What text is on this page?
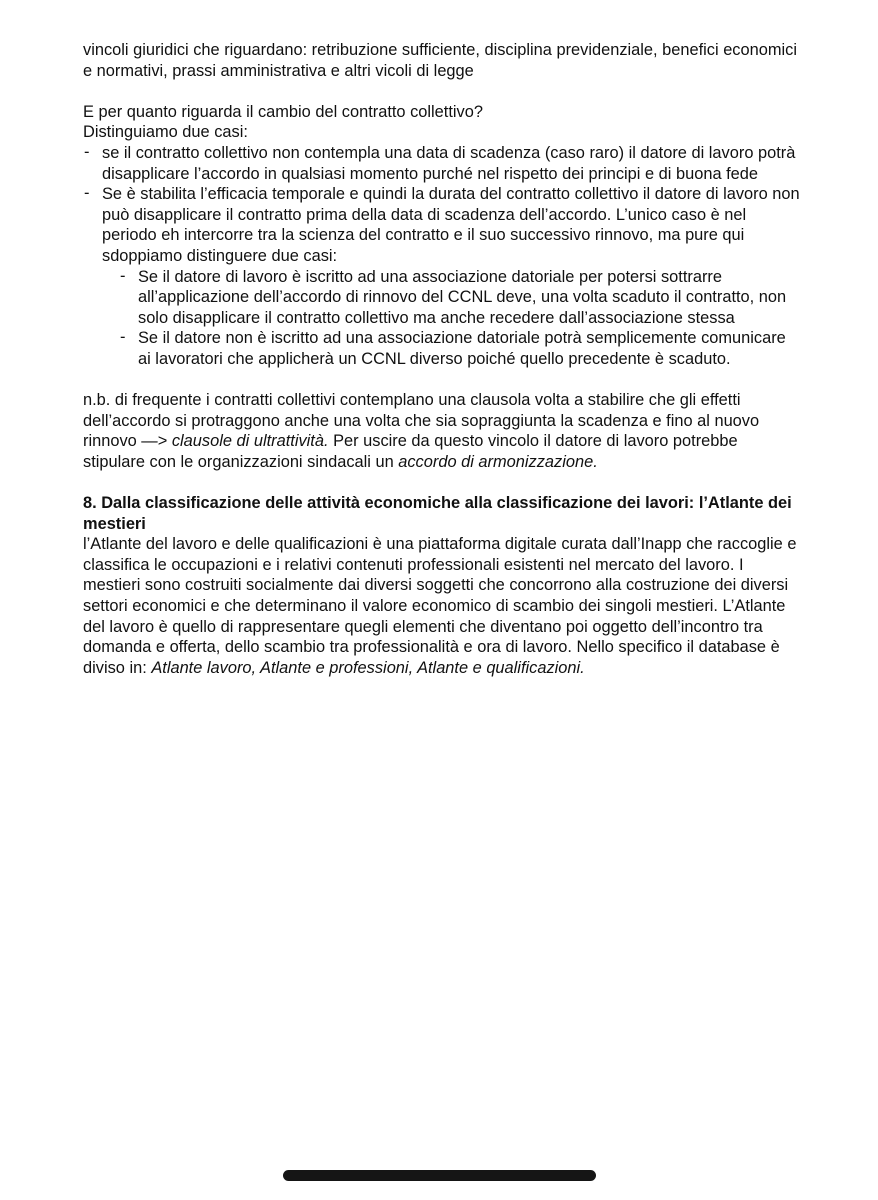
vincoli giuridici che riguardano: retribuzione sufficiente, disciplina previdenziale, benefici economici e normativi, prassi amministrativa e altri vicoli di legge

E per quanto riguarda il cambio del contratto collettivo?

Distinguiamo due casi:

- se il contratto collettivo non contempla una data di scadenza (caso raro) il datore di lavoro potrà disapplicare l’accordo in qualsiasi momento purché nel rispetto dei principi e di buona fede
- Se è stabilita l’efficacia temporale e quindi la durata del contratto collettivo il datore di lavoro non può disapplicare il contratto prima della data di scadenza dell’accordo. L’unico caso è nel periodo eh intercorre tra la scienza del contratto e il suo successivo rinnovo, ma pure qui sdoppiamo distinguere due casi:
- Se il datore di lavoro è iscritto ad una associazione datoriale per potersi sottrarre all’applicazione dell’accordo di rinnovo del CCNL deve, una volta scaduto il contratto, non solo disapplicare il contratto collettivo ma anche recedere dall’associazione stessa
- Se il datore non è iscritto ad una associazione datoriale potrà semplicemente comunicare ai lavoratori che applicherà un CCNL diverso poiché quello precedente è scaduto.

n.b. di frequente i contratti collettivi contemplano una clausola volta a stabilire che gli effetti dell’accordo si protraggono anche una volta che sia sopraggiunta la scadenza e fino al nuovo rinnovo —> clausole di ultrattività. Per uscire da questo vincolo il datore di lavoro potrebbe stipulare con le organizzazioni sindacali un accordo di armonizzazione.

8. Dalla classificazione delle attività economiche alla classificazione dei lavori: l’Atlante dei mestieri

l’Atlante del lavoro e delle qualificazioni è una piattaforma digitale curata dall’Inapp che raccoglie e classifica le occupazioni e i relativi contenuti professionali esistenti nel mercato del lavoro. I mestieri sono costruiti socialmente dai diversi soggetti che concorrono alla costruzione dei diversi settori economici e che determinano il valore economico di scambio dei singoli mestieri. L’Atlante del lavoro è quello di rappresentare quegli elementi che diventano poi oggetto dell’incontro tra domanda e offerta, dello scambio tra professionalità e ora di lavoro. Nello specifico il database è diviso in: Atlante lavoro, Atlante e professioni, Atlante e qualificazioni.
